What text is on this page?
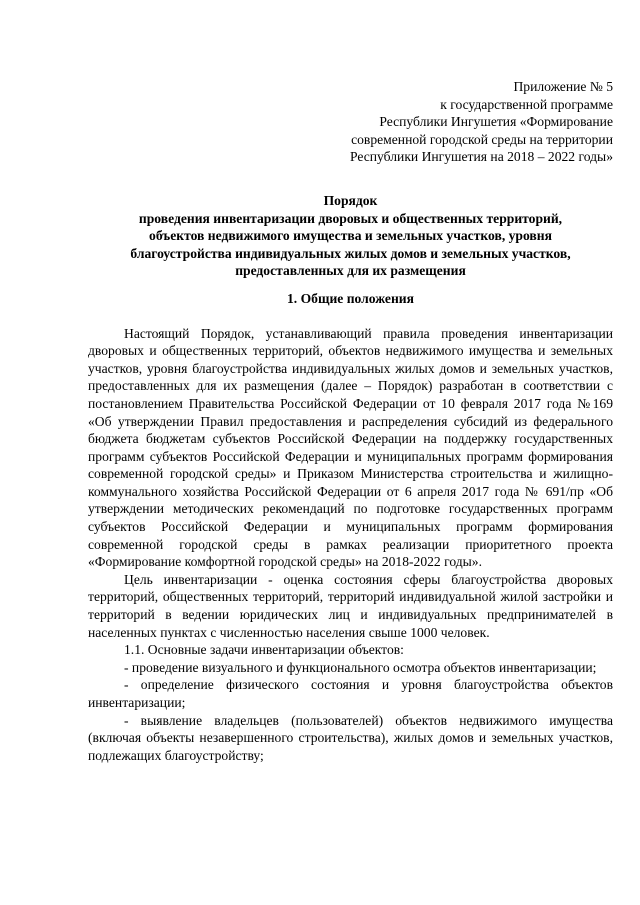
Приложение № 5
к государственной программе
Республики Ингушетия «Формирование
современной городской среды на территории
Республики Ингушетия на 2018 – 2022 годы»
Порядок
проведения инвентаризации дворовых и общественных территорий,
объектов недвижимого имущества и земельных участков, уровня
благоустройства индивидуальных жилых домов и земельных участков,
предоставленных для их размещения
1. Общие положения

Настоящий Порядок, устанавливающий правила проведения инвентаризации дворовых и общественных территорий, объектов недвижимого имущества и земельных участков, уровня благоустройства индивидуальных жилых домов и земельных участков, предоставленных для их размещения (далее – Порядок) разработан в соответствии с постановлением Правительства Российской Федерации от 10 февраля 2017 года №169 «Об утверждении Правил предоставления и распределения субсидий из федерального бюджета бюджетам субъектов Российской Федерации на поддержку государственных программ субъектов Российской Федерации и муниципальных программ формирования современной городской среды» и Приказом Министерства строительства и жилищно-коммунального хозяйства Российской Федерации от 6 апреля 2017 года № 691/пр «Об утверждении методических рекомендаций по подготовке государственных программ субъектов Российской Федерации и муниципальных программ формирования современной городской среды в рамках реализации приоритетного проекта «Формирование комфортной городской среды» на 2018-2022 годы».

Цель инвентаризации - оценка состояния сферы благоустройства дворовых территорий, общественных территорий, территорий индивидуальной жилой застройки и территорий в ведении юридических лиц и индивидуальных предпринимателей в населенных пунктах с численностью населения свыше 1000 человек.

1.1. Основные задачи инвентаризации объектов:

- проведение визуального и функционального осмотра объектов инвентаризации;

- определение физического состояния и уровня благоустройства объектов инвентаризации;

- выявление владельцев (пользователей) объектов недвижимого имущества (включая объекты незавершенного строительства), жилых домов и земельных участков, подлежащих благоустройству;
